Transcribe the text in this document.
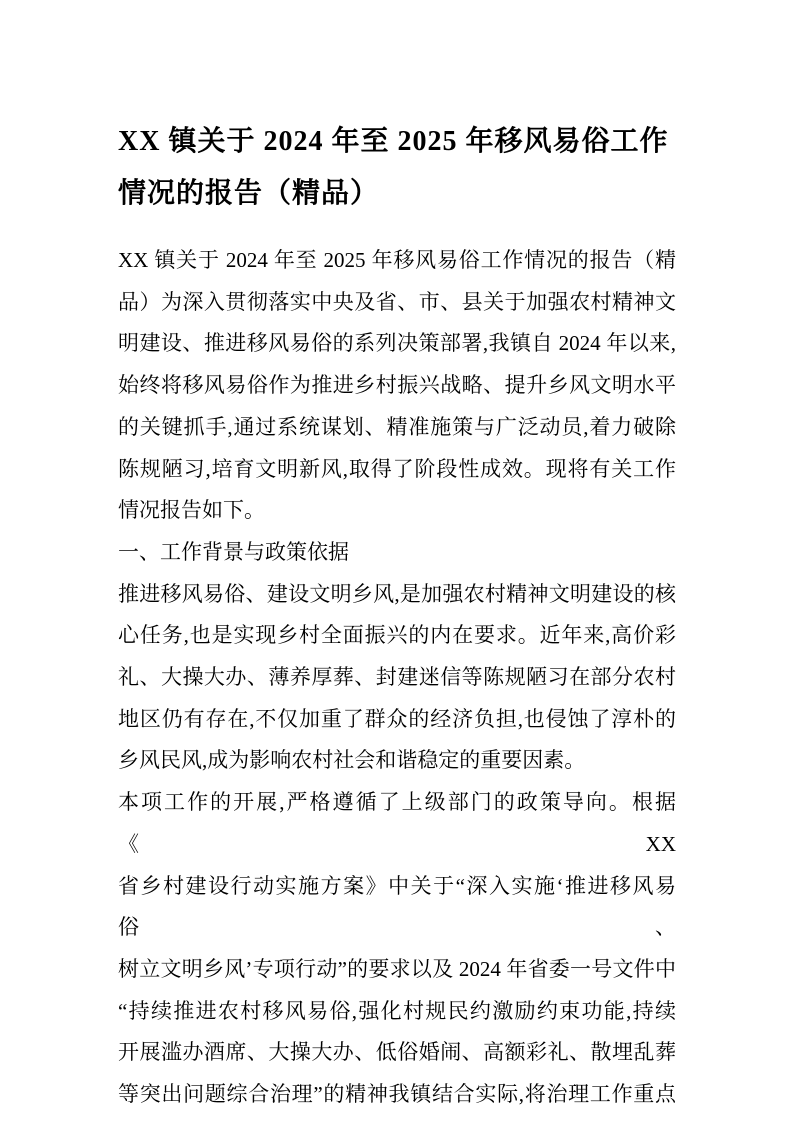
XX 镇关于 2024 年至 2025 年移风易俗工作
情况的报告（精品）
XX 镇关于 2024 年至 2025 年移风易俗工作情况的报告（精
品）为深入贯彻落实中央及省、市、县关于加强农村精神文
明建设、推进移风易俗的系列决策部署,我镇自 2024 年以来,
始终将移风易俗作为推进乡村振兴战略、提升乡风文明水平
的关键抓手,通过系统谋划、精准施策与广泛动员,着力破除
陈规陋习,培育文明新风,取得了阶段性成效。现将有关工作
情况报告如下。
一、工作背景与政策依据
推进移风易俗、建设文明乡风,是加强农村精神文明建设的核
心任务,也是实现乡村全面振兴的内在要求。近年来,高价彩
礼、大操大办、薄养厚葬、封建迷信等陈规陋习在部分农村
地区仍有存在,不仅加重了群众的经济负担,也侵蚀了淳朴的
乡风民风,成为影响农村社会和谐稳定的重要因素。
本项工作的开展,严格遵循了上级部门的政策导向。根据《XX
省乡村建设行动实施方案》中关于“深入实施‘推进移风易俗、
树立文明乡风’专项行动”的要求以及 2024 年省委一号文件中
“持续推进农村移风易俗,强化村规民约激励约束功能,持续
开展滥办酒席、大操大办、低俗婚闹、高额彩礼、散埋乱葬
等突出问题综合治理”的精神我镇结合实际,将治理工作重点
